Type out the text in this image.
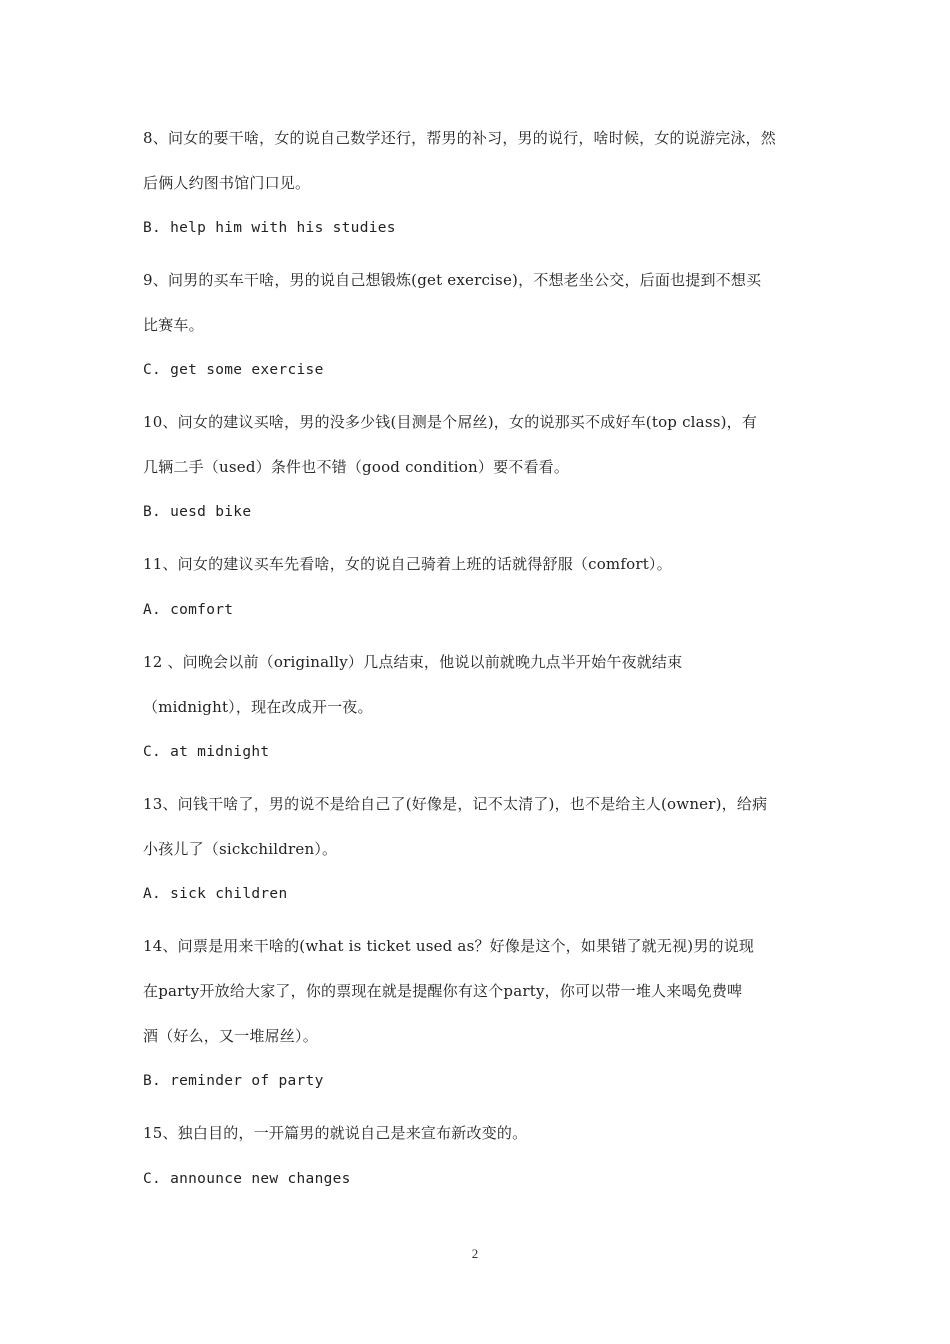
8、问女的要干啥，女的说自己数学还行，帮男的补习，男的说行，啥时候，女的说游完泳，然
后俩人约图书馆门口见。
B. help him with his studies
9、问男的买车干啥，男的说自己想锻炼(get exercise)，不想老坐公交，后面也提到不想买
比赛车。
C. get some exercise
10、问女的建议买啥，男的没多少钱(目测是个屌丝)，女的说那买不成好车(top class)，有
几辆二手（used）条件也不错（good condition）要不看看。
B. uesd bike
11、问女的建议买车先看啥，女的说自己骑着上班的话就得舒服（comfort）。
A. comfort
12 、问晚会以前（originally）几点结束，他说以前就晚九点半开始午夜就结束
（midnight），现在改成开一夜。
C. at midnight
13、问钱干啥了，男的说不是给自己了(好像是，记不太清了)，也不是给主人(owner)，给病
小孩儿了（sickchildren）。
A. sick children
14、问票是用来干啥的(what is ticket used as？好像是这个，如果错了就无视)男的说现
在party开放给大家了，你的票现在就是提醒你有这个party，你可以带一堆人来喝免费啤
酒（好么，又一堆屌丝）。
B. reminder of party
15、独白目的，一开篇男的就说自己是来宣布新改变的。
C. announce new changes
2
